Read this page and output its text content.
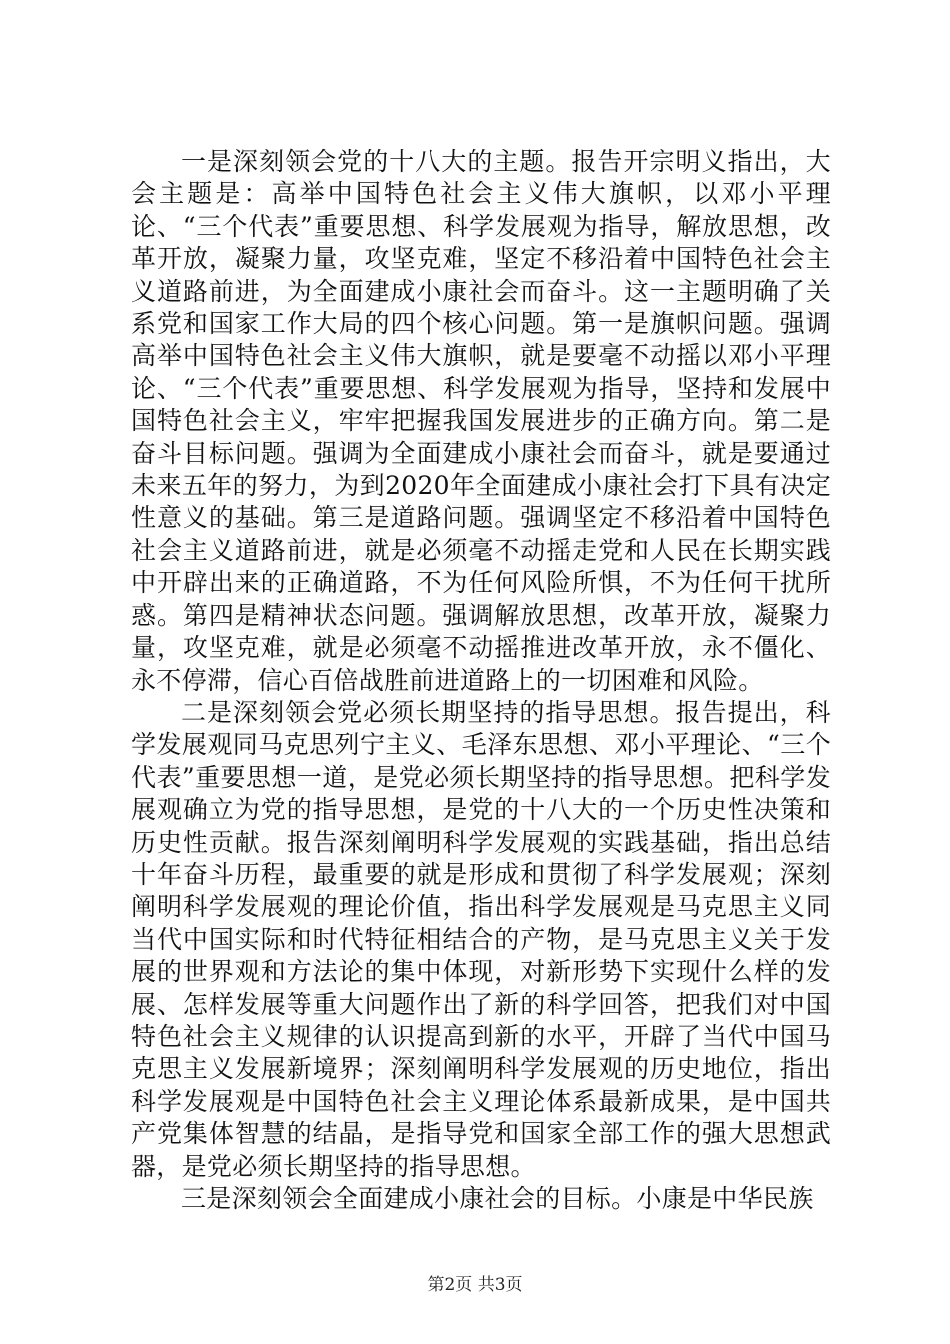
一是深刻领会党的十八大的主题。报告开宗明义指出，大会主题是：高举中国特色社会主义伟大旗帜，以邓小平理论、“三个代表”重要思想、科学发展观为指导，解放思想，改革开放，凝聚力量，攻坚克难，坚定不移沿着中国特色社会主义道路前进，为全面建成小康社会而奋斗。这一主题明确了关系党和国家工作大局的四个核心问题。第一是旗帜问题。强调高举中国特色社会主义伟大旗帜，就是要毫不动摇以邓小平理论、“三个代表”重要思想、科学发展观为指导，坚持和发展中国特色社会主义，牢牢把握我国发展进步的正确方向。第二是奋斗目标问题。强调为全面建成小康社会而奋斗，就是要通过未来五年的努力，为到2020年全面建成小康社会打下具有决定性意义的基础。第三是道路问题。强调坚定不移沿着中国特色社会主义道路前进，就是必须毫不动摇走党和人民在长期实践中开辟出来的正确道路，不为任何风险所惧，不为任何干扰所惑。第四是精神状态问题。强调解放思想，改革开放，凝聚力量，攻坚克难，就是必须毫不动摇推进改革开放，永不僵化、永不停滞，信心百倍战胜前进道路上的一切困难和风险。

二是深刻领会党必须长期坚持的指导思想。报告提出，科学发展观同马克思列宁主义、毛泽东思想、邓小平理论、“三个代表”重要思想一道，是党必须长期坚持的指导思想。把科学发展观确立为党的指导思想，是党的十八大的一个历史性决策和历史性贡献。报告深刻阐明科学发展观的实践基础，指出总结十年奋斗历程，最重要的就是形成和贯彻了科学发展观；深刻阐明科学发展观的理论价值，指出科学发展观是马克思主义同当代中国实际和时代特征相结合的产物，是马克思主义关于发展的世界观和方法论的集中体现，对新形势下实现什么样的发展、怎样发展等重大问题作出了新的科学回答，把我们对中国特色社会主义规律的认识提高到新的水平，开辟了当代中国马克思主义发展新境界；深刻阐明科学发展观的历史地位，指出科学发展观是中国特色社会主义理论体系最新成果，是中国共产党集体智慧的结晶，是指导党和国家全部工作的强大思想武器，是党必须长期坚持的指导思想。

三是深刻领会全面建成小康社会的目标。小康是中华民族

第2页 共3页
